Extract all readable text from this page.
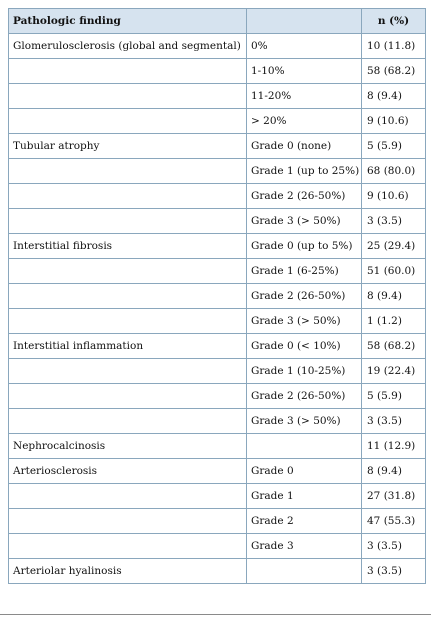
Pathologic finding		n (%)
Glomerulosclerosis (global and segmental)	0%	10 (11.8)
	1-10%	58 (68.2)
	11-20%	8 (9.4)
	> 20%	9 (10.6)
Tubular atrophy	Grade 0 (none)	5 (5.9)
	Grade 1 (up to 25%)	68 (80.0)
	Grade 2 (26-50%)	9 (10.6)
	Grade 3 (> 50%)	3 (3.5)
Interstitial fibrosis	Grade 0 (up to 5%)	25 (29.4)
	Grade 1 (6-25%)	51 (60.0)
	Grade 2 (26-50%)	8 (9.4)
	Grade 3 (> 50%)	1 (1.2)
Interstitial inflammation	Grade 0 (< 10%)	58 (68.2)
	Grade 1 (10-25%)	19 (22.4)
	Grade 2 (26-50%)	5 (5.9)
	Grade 3 (> 50%)	3 (3.5)
Nephrocalcinosis		11 (12.9)
Arteriosclerosis	Grade 0	8 (9.4)
	Grade 1	27 (31.8)
	Grade 2	47 (55.3)
	Grade 3	3 (3.5)
Arteriolar hyalinosis		3 (3.5)
